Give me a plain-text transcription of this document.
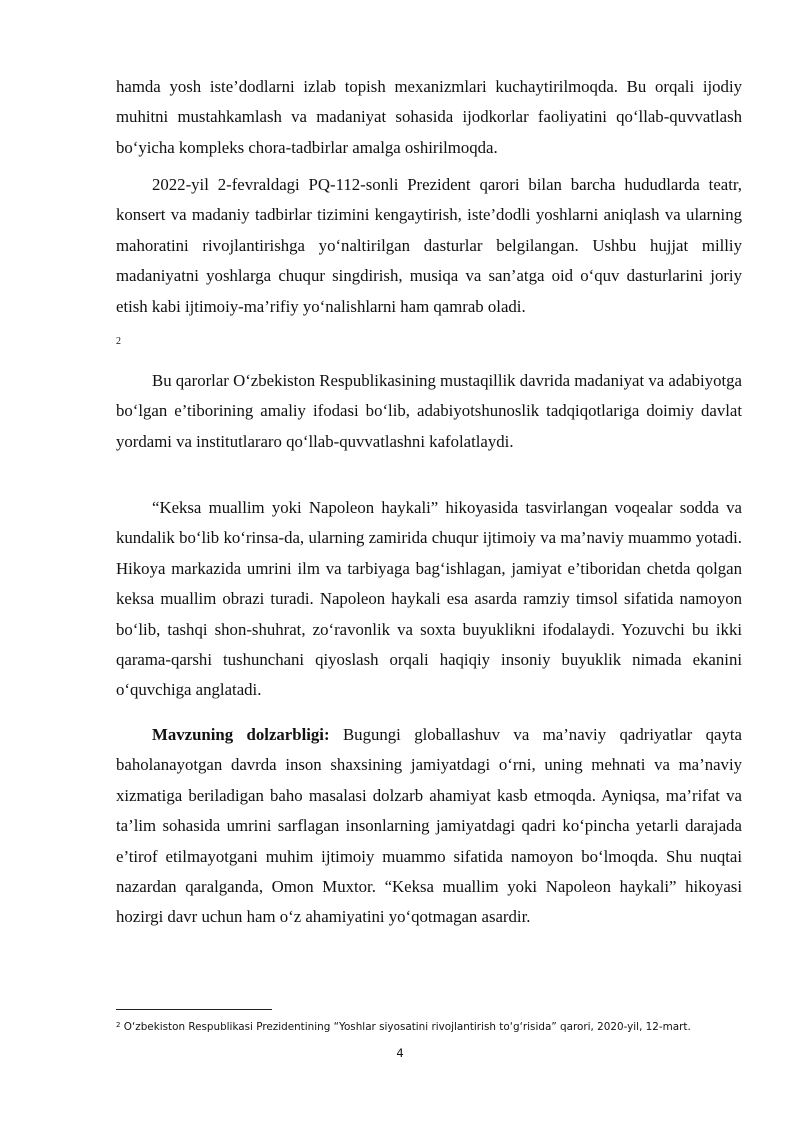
hamda yosh iste’dodlarni izlab topish mexanizmlari kuchaytirilmoqda. Bu orqali ijodiy muhitni mustahkamlash va madaniyat sohasida ijodkorlar faoliyatini qo‘llab-quvvatlash bo‘yicha kompleks chora-tadbirlar amalga oshirilmoqda.

2022-yil 2-fevraldagi PQ-112-sonli Prezident qarori bilan barcha hududlarda teatr, konsert va madaniy tadbirlar tizimini kengaytirish, iste’dodli yoshlarni aniqlash va ularning mahoratini rivojlantirishga yo‘naltirilgan dasturlar belgilangan. Ushbu hujjat milliy madaniyatni yoshlarga chuqur singdirish, musiqa va san’atga oid o‘quv dasturlarini joriy etish kabi ijtimoiy-ma’rifiy yo‘nalishlarni ham qamrab oladi.

2

Bu qarorlar O‘zbekiston Respublikasining mustaqillik davrida madaniyat va adabiyotga bo‘lgan e’tiborining amaliy ifodasi bo‘lib, adabiyotshunoslik tadqiqotlariga doimiy davlat yordami va institutlararo qo‘llab-quvvatlashni kafolatlaydi.

“Keksa muallim yoki Napoleon haykali” hikoyasida tasvirlangan voqealar sodda va kundalik bo‘lib ko‘rinsa-da, ularning zamirida chuqur ijtimoiy va ma’naviy muammo yotadi. Hikoya markazida umrini ilm va tarbiyaga bag‘ishlagan, jamiyat e’tiboridan chetda qolgan keksa muallim obrazi turadi. Napoleon haykali esa asarda ramziy timsol sifatida namoyon bo‘lib, tashqi shon-shuhrat, zo‘ravonlik va soxta buyuklikni ifodalaydi. Yozuvchi bu ikki qarama-qarshi tushunchani qiyoslash orqali haqiqiy insoniy buyuklik nimada ekanini o‘quvchiga anglatadi.

Mavzuning dolzarbligi: Bugungi globallashuv va ma’naviy qadriyatlar qayta baholanayotgan davrda inson shaxsining jamiyatdagi o‘rni, uning mehnati va ma’naviy xizmatiga beriladigan baho masalasi dolzarb ahamiyat kasb etmoqda. Ayniqsa, ma’rifat va ta’lim sohasida umrini sarflagan insonlarning jamiyatdagi qadri ko‘pincha yetarli darajada e’tirof etilmayotgani muhim ijtimoiy muammo sifatida namoyon bo‘lmoqda. Shu nuqtai nazardan qaralganda, Omon Muxtor. “Keksa muallim yoki Napoleon haykali” hikoyasi hozirgi davr uchun ham o‘z ahamiyatini yo‘qotmagan asardir.

$^2$ O‘zbekiston Respublikasi Prezidentining “Yoshlar siyosatini rivojlantirish to‘g‘risida” qarori, 2020-yil, 12-mart.
4
